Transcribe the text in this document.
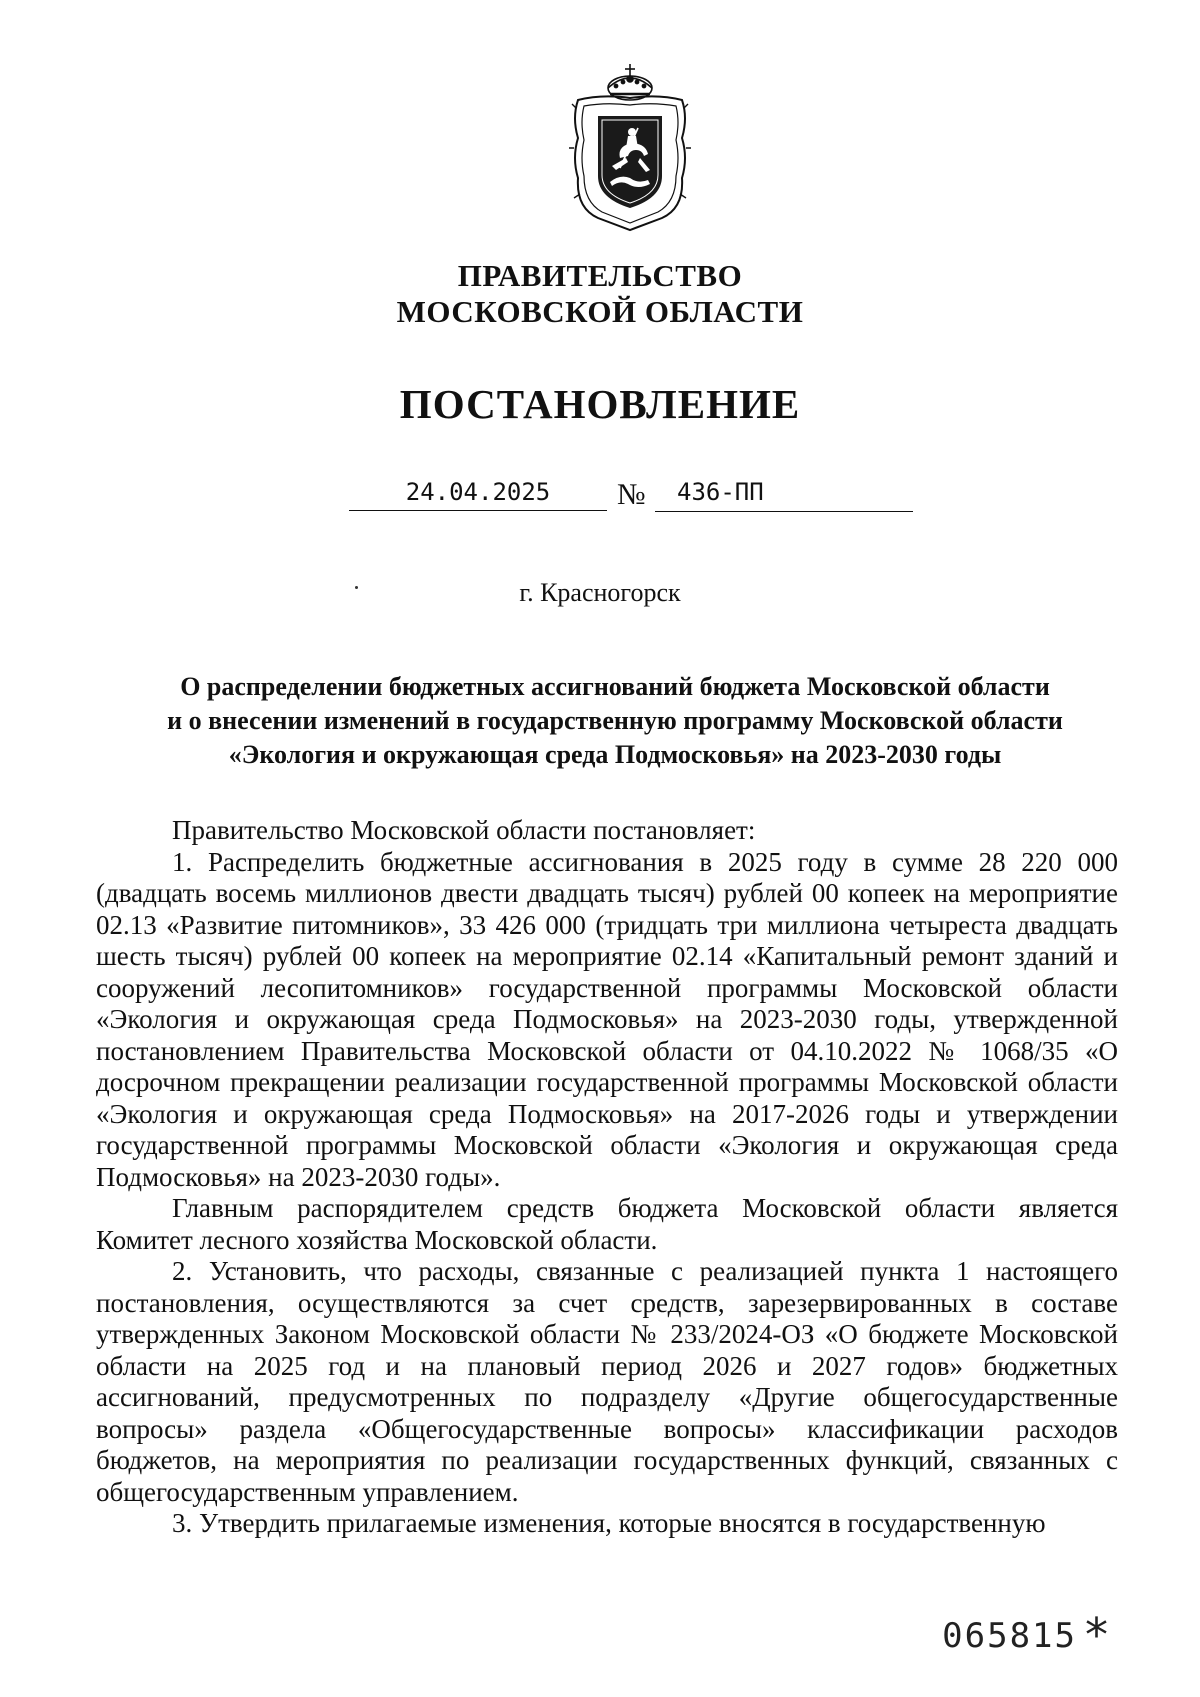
ПРАВИТЕЛЬСТВО
МОСКОВСКОЙ ОБЛАСТИ
ПОСТАНОВЛЕНИЕ
24.04.2025	№	436-ПП
г. Красногорск
О распределении бюджетных ассигнований бюджета Московской области
и о внесении изменений в государственную программу Московской области
«Экология и окружающая среда Подмосковья» на 2023-2030 годы

Правительство Московской области постановляет:

1. Распределить бюджетные ассигнования в 2025 году в сумме 28 220 000 (двадцать восемь миллионов двести двадцать тысяч) рублей 00 копеек на мероприятие 02.13 «Развитие питомников», 33 426 000 (тридцать три миллиона четыреста двадцать шесть тысяч) рублей 00 копеек на мероприятие 02.14 «Капитальный ремонт зданий и сооружений лесопитомников» государственной программы Московской области «Экология и окружающая среда Подмосковья» на 2023-2030 годы, утвержденной постановлением Правительства Московской области от 04.10.2022 № 1068/35 «О досрочном прекращении реализации государственной программы Московской области «Экология и окружающая среда Подмосковья» на 2017-2026 годы и утверждении государственной программы Московской области «Экология и окружающая среда Подмосковья» на 2023-2030 годы».

Главным распорядителем средств бюджета Московской области является Комитет лесного хозяйства Московской области.

2. Установить, что расходы, связанные с реализацией пункта 1 настоящего постановления, осуществляются за счет средств, зарезервированных в составе утвержденных Законом Московской области № 233/2024-ОЗ «О бюджете Московской области на 2025 год и на плановый период 2026 и 2027 годов» бюджетных ассигнований, предусмотренных по подразделу «Другие общегосударственные вопросы» раздела «Общегосударственные вопросы» классификации расходов бюджетов, на мероприятия по реализации государственных функций, связанных с общегосударственным управлением.

3. Утвердить прилагаемые изменения, которые вносятся в государственную

065815 *
